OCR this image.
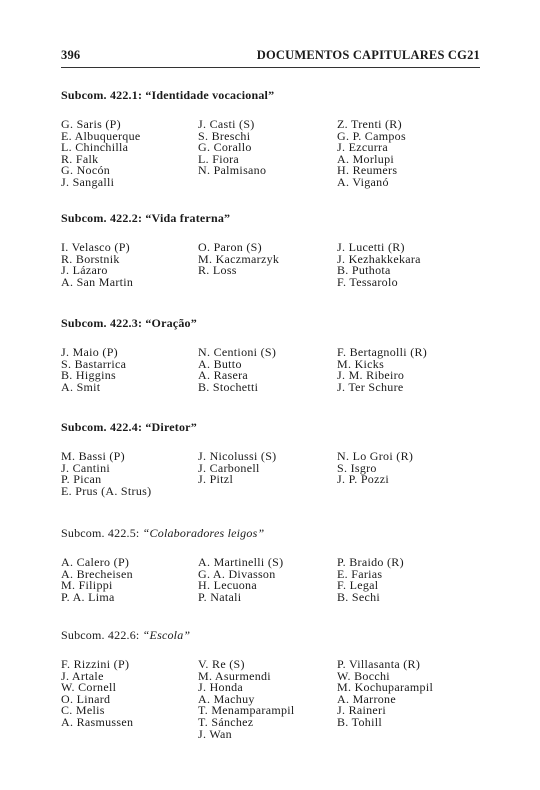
396	DOCUMENTOS CAPITULARES CG21
Subcom. 422.1: “Identidade vocacional”
G. Saris (P)
E. Albuquerque
L. Chinchilla
R. Falk
G. Nocón
J. Sangalli
J. Casti (S)
S. Breschi
G. Corallo
L. Fiora
N. Palmisano
Z. Trenti (R)
G. P. Campos
J. Ezcurra
A. Morlupi
H. Reumers
A. Viganó
Subcom. 422.2: “Vida fraterna”
I. Velasco (P)
R. Borstnik
J. Lázaro
A. San Martin
O. Paron (S)
M. Kaczmarzyk
R. Loss
J. Lucetti (R)
J. Kezhakkekara
B. Puthota
F. Tessarolo
Subcom. 422.3: “Oração”
J. Maio (P)
S. Bastarrica
B. Higgins
A. Smit
N. Centioni (S)
A. Butto
A. Rasera
B. Stochetti
F. Bertagnolli (R)
M. Kicks
J. M. Ribeiro
J. Ter Schure
Subcom. 422.4: “Diretor”
M. Bassi (P)
J. Cantini
P. Pican
E. Prus (A. Strus)
J. Nicolussi (S)
J. Carbonell
J. Pitzl
N. Lo Groi (R)
S. Isgro
J. P. Pozzi
Subcom. 422.5: “Colaboradores leigos”
A. Calero (P)
A. Brecheisen
M. Filippi
P. A. Lima
A. Martinelli (S)
G. A. Divasson
H. Lecuona
P. Natali
P. Braido (R)
E. Farias
F. Legal
B. Sechi
Subcom. 422.6: “Escola”
F. Rizzini (P)
J. Artale
W. Cornell
O. Linard
C. Melis
A. Rasmussen
V. Re (S)
M. Asurmendi
J. Honda
A. Machuy
T. Menamparampil
T. Sánchez
J. Wan
P. Villasanta (R)
W. Bocchi
M. Kochuparampil
A. Marrone
J. Raineri
B. Tohill
